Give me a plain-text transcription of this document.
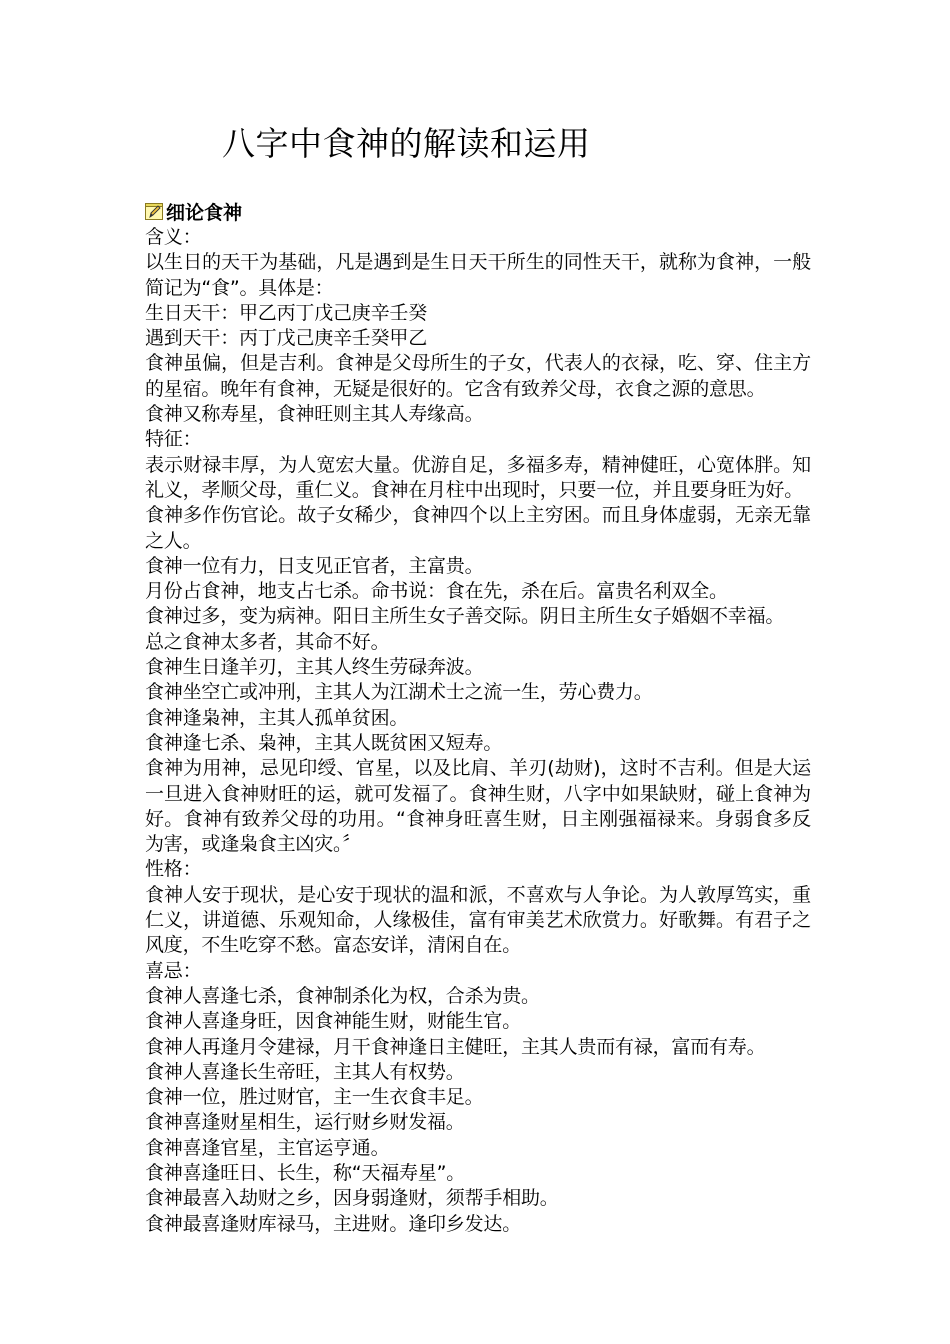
八字中食神的解读和运用
细论食神
含义：

以生日的天干为基础，凡是遇到是生日天干所生的同性天干，就称为食神，一般简记为“食”。具体是：

生日天干：甲乙丙丁戊己庚辛壬癸
遇到天干：丙丁戊己庚辛壬癸甲乙

食神虽偏，但是吉利。食神是父母所生的子女，代表人的衣禄，吃、穿、住主方的星宿。晚年有食神，无疑是很好的。它含有致养父母，衣食之源的意思。

食神又称寿星，食神旺则主其人寿缘高。
特征：

表示财禄丰厚，为人宽宏大量。优游自足，多福多寿，精神健旺，心宽体胖。知礼义，孝顺父母，重仁义。食神在月柱中出现时，只要一位，并且要身旺为好。

食神多作伤官论。故子女稀少，食神四个以上主穷困。而且身体虚弱，无亲无靠之人。

食神一位有力，日支见正官者，主富贵。
月份占食神，地支占七杀。命书说：食在先，杀在后。富贵名利双全。
食神过多，变为病神。阳日主所生女子善交际。阴日主所生女子婚姻不幸福。
总之食神太多者，其命不好。
食神生日逢羊刃，主其人终生劳碌奔波。
食神坐空亡或冲刑，主其人为江湖术士之流一生，劳心费力。
食神逢枭神，主其人孤单贫困。
食神逢七杀、枭神，主其人既贫困又短寿。

食神为用神，忌见印绶、官星，以及比肩、羊刃(劫财)，这时不吉利。但是大运一旦进入食神财旺的运，就可发福了。食神生财，八字中如果缺财，碰上食神为好。食神有致养父母的功用。“食神身旺喜生财，日主刚强福禄来。身弱食多反为害，或逢枭食主凶灾。〞

性格：

食神人安于现状，是心安于现状的温和派，不喜欢与人争论。为人敦厚笃实，重仁义，讲道德、乐观知命，人缘极佳，富有审美艺术欣赏力。好歌舞。有君子之风度，不生吃穿不愁。富态安详，清闲自在。

喜忌：
食神人喜逢七杀，食神制杀化为权，合杀为贵。
食神人喜逢身旺，因食神能生财，财能生官。
食神人再逢月令建禄，月干食神逢日主健旺，主其人贵而有禄，富而有寿。
食神人喜逢长生帝旺，主其人有权势。
食神一位，胜过财官，主一生衣食丰足。
食神喜逢财星相生，运行财乡财发福。
食神喜逢官星，主官运亨通。
食神喜逢旺日、长生，称“天福寿星”。
食神最喜入劫财之乡，因身弱逢财，须帮手相助。
食神最喜逢财库禄马，主进财。逢印乡发达。
